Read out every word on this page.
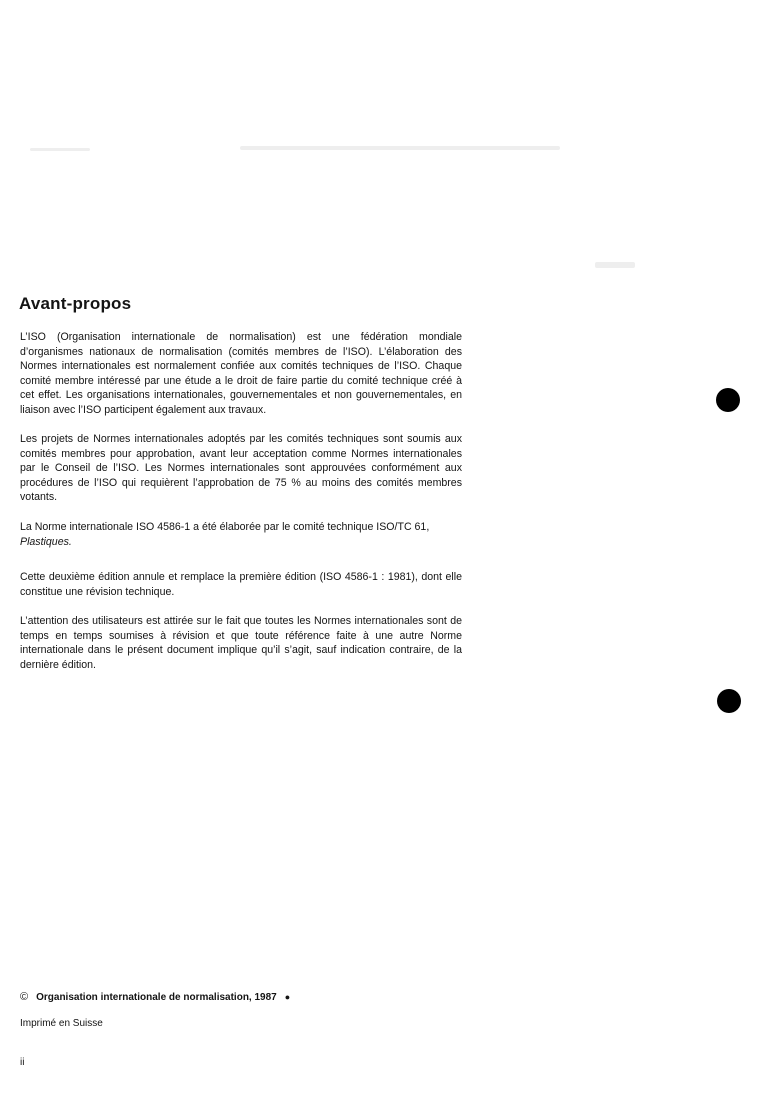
Avant-propos

L’ISO (Organisation internationale de normalisation) est une fédération mondiale d’organismes nationaux de normalisation (comités membres de l’ISO). L’élaboration des Normes internationales est normalement confiée aux comités techniques de l’ISO. Chaque comité membre intéressé par une étude a le droit de faire partie du comité technique créé à cet effet. Les organisations internationales, gouvernementales et non gouvernementales, en liaison avec l’ISO participent également aux travaux.

Les projets de Normes internationales adoptés par les comités techniques sont soumis aux comités membres pour approbation, avant leur acceptation comme Normes internationales par le Conseil de l’ISO. Les Normes internationales sont approuvées conformément aux procédures de l’ISO qui requièrent l’approbation de 75 % au moins des comités membres votants.

La Norme internationale ISO 4586-1 a été élaborée par le comité technique ISO/TC 61,
Plastiques.

Cette deuxième édition annule et remplace la première édition (ISO 4586-1 : 1981), dont elle constitue une révision technique.

L’attention des utilisateurs est attirée sur le fait que toutes les Normes internationales sont de temps en temps soumises à révision et que toute référence faite à une autre Norme internationale dans le présent document implique qu’il s’agit, sauf indication contraire, de la dernière édition.

© Organisation internationale de normalisation, 1987 ●
Imprimé en Suisse
ii
